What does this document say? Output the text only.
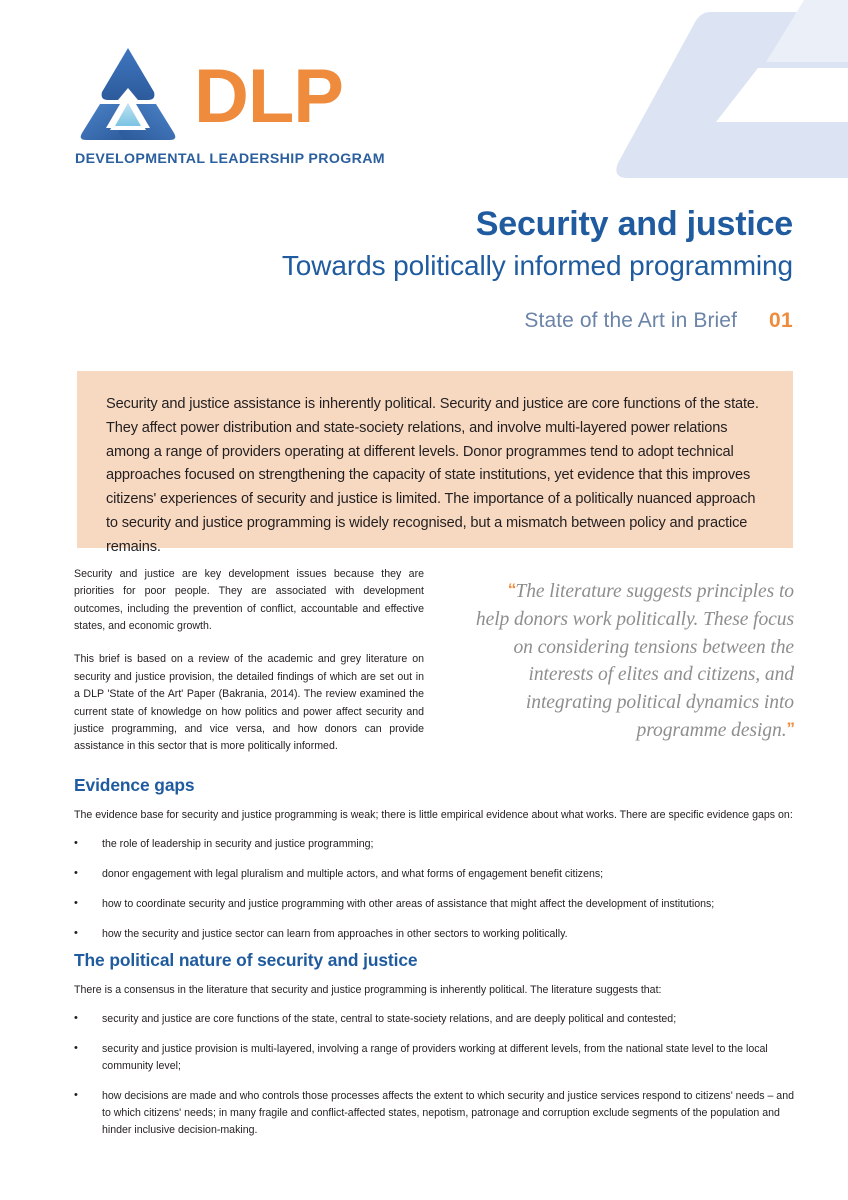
DLP
DEVELOPMENTAL LEADERSHIP PROGRAM
Security and justice
Towards politically informed programming
State of the Art in Brief 01

Security and justice assistance is inherently political. Security and justice are core functions of the state. They affect power distribution and state-society relations, and involve multi-layered power relations among a range of providers operating at different levels. Donor programmes tend to adopt technical approaches focused on strengthening the capacity of state institutions, yet evidence that this improves citizens' experiences of security and justice is limited. The importance of a politically nuanced approach to security and justice programming is widely recognised, but a mismatch between policy and practice remains.

Security and justice are key development issues because they are priorities for poor people. They are associated with development outcomes, including the prevention of conflict, accountable and effective states, and economic growth.

This brief is based on a review of the academic and grey literature on security and justice provision, the detailed findings of which are set out in a DLP 'State of the Art' Paper (Bakrania, 2014). The review examined the current state of knowledge on how politics and power affect security and justice programming, and vice versa, and how donors can provide assistance in this sector that is more politically informed.

“The literature suggests principles to help donors work politically. These focus on considering tensions between the interests of elites and citizens, and integrating political dynamics into programme design.”

Evidence gaps

The evidence base for security and justice programming is weak; there is little empirical evidence about what works. There are specific evidence gaps on:

• the role of leadership in security and justice programming;
• donor engagement with legal pluralism and multiple actors, and what forms of engagement benefit citizens;
• how to coordinate security and justice programming with other areas of assistance that might affect the development of institutions;
• how the security and justice sector can learn from approaches in other sectors to working politically.
The political nature of security and justice

There is a consensus in the literature that security and justice programming is inherently political. The literature suggests that:

• security and justice are core functions of the state, central to state-society relations, and are deeply political and contested;
• security and justice provision is multi-layered, involving a range of providers working at different levels, from the national state level to the local community level;
• how decisions are made and who controls those processes affects the extent to which security and justice services respond to citizens' needs – and to which citizens' needs; in many fragile and conflict-affected states, nepotism, patronage and corruption exclude segments of the population and hinder inclusive decision-making.
